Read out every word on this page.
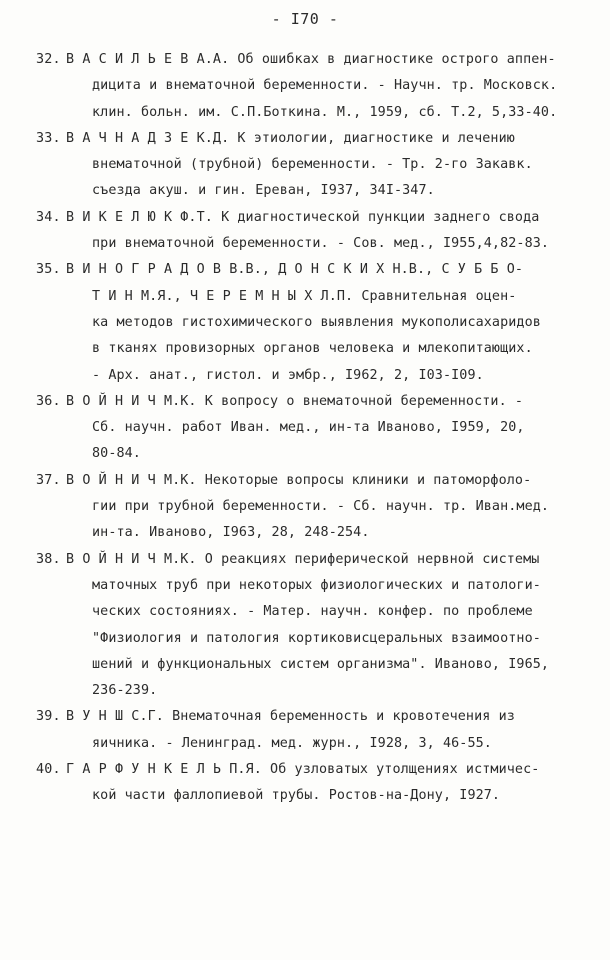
- I70 -
32. В А С И Л Ь Е В А.А. Об ошибках в диагностике острого аппен-
дицита и внематочной беременности. - Научн. тр. Московск.
клин. больн. им. С.П.Боткина. М., 1959, сб. Т.2, 5,33-40.
33. В А Ч Н А Д З Е К.Д. К этиологии, диагностике и лечению
внематочной (трубной) беременности. - Тр. 2-го Закавк.
съезда акуш. и гин. Ереван, I937, 34I-347.
34. В И К Е Л Ю К Ф.Т. К диагностической пункции заднего свода
при внематочной беременности. - Сов. мед., I955,4,82-83.
35. В И Н О Г Р А Д О В В.В., Д О Н С К И Х Н.В., С У Б Б О-
Т И Н М.Я., Ч Е Р Е М Н Ы Х Л.П. Сравнительная оцен-
ка методов гистохимического выявления мукополисахаридов
в тканях провизорных органов человека и млекопитающих.
- Арх. анат., гистол. и эмбр., I962, 2, I03-I09.
36. В О Й Н И Ч М.К. К вопросу о внематочной беременности. -
Сб. научн. работ Иван. мед., ин-та Иваново, I959, 20,
80-84.
37. В О Й Н И Ч М.К. Некоторые вопросы клиники и патоморфоло-
гии при трубной беременности. - Сб. научн. тр. Иван.мед.
ин-та. Иваново, I963, 28, 248-254.
38. В О Й Н И Ч М.К. О реакциях периферической нервной системы
маточных труб при некоторых физиологических и патологи-
ческих состояниях. - Матер. научн. конфер. по проблеме
"Физиология и патология кортиковисцеральных взаимоотно-
шений и функциональных систем организма". Иваново, I965,
236-239.
39. В У Н Ш С.Г. Внематочная беременность и кровотечения из
яичника. - Ленинград. мед. журн., I928, 3, 46-55.
40. Г А Р Ф У Н К Е Л Ь П.Я. Об узловатых утолщениях истмичес-
кой части фаллопиевой трубы. Ростов-на-Дону, I927.
